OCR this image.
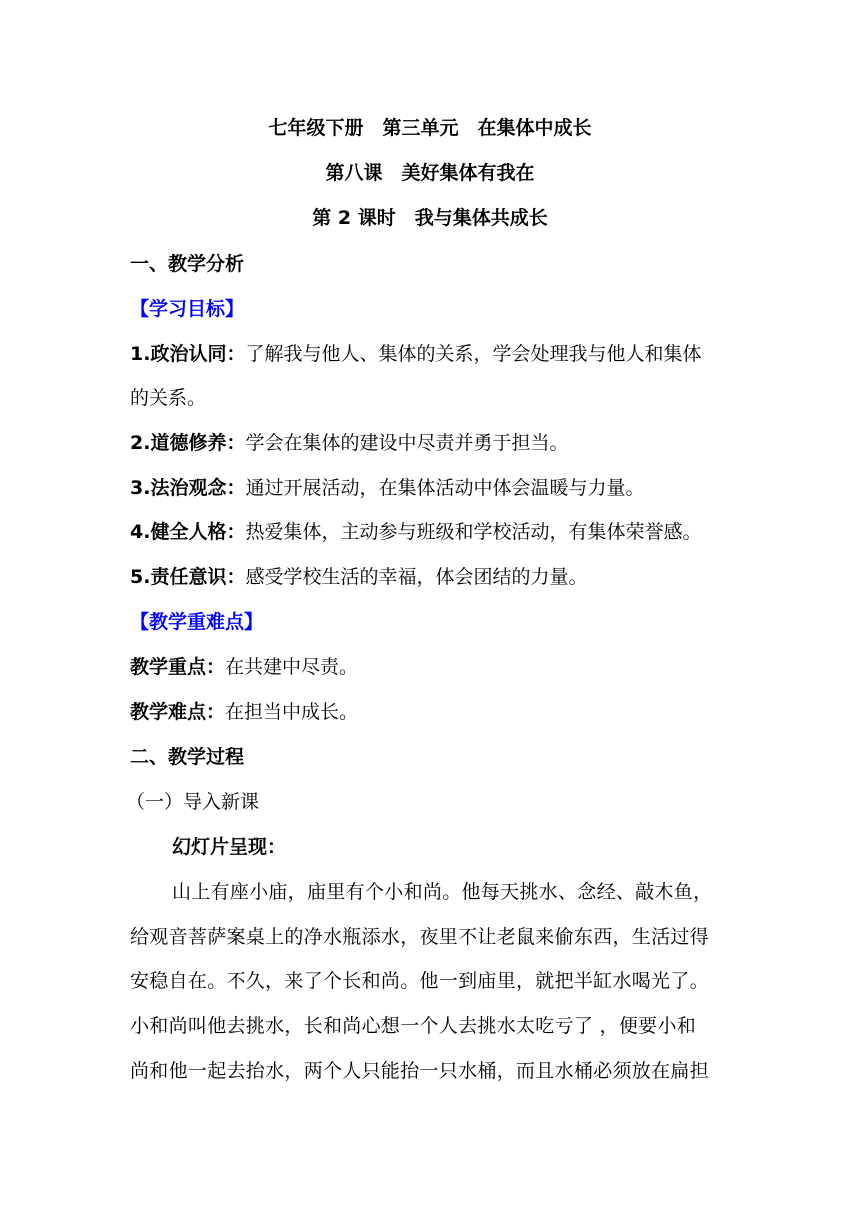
七年级下册　第三单元　在集体中成长
第八课　美好集体有我在
第 2 课时　我与集体共成长
一、教学分析
【学习目标】
1.政治认同：了解我与他人、集体的关系，学会处理我与他人和集体
的关系。
2.道德修养：学会在集体的建设中尽责并勇于担当。
3.法治观念：通过开展活动，在集体活动中体会温暖与力量。
4.健全人格：热爱集体，主动参与班级和学校活动，有集体荣誉感。
5.责任意识：感受学校生活的幸福，体会团结的力量。
【教学重难点】
教学重点：在共建中尽责。
教学难点：在担当中成长。
二、教学过程
（一）导入新课
幻灯片呈现：
山上有座小庙，庙里有个小和尚。他每天挑水、念经、敲木鱼，
给观音菩萨案桌上的净水瓶添水，夜里不让老鼠来偷东西，生活过得
安稳自在。不久，来了个长和尚。他一到庙里，就把半缸水喝光了。
小和尚叫他去挑水，长和尚心想一个人去挑水太吃亏了 ，便要小和
尚和他一起去抬水，两个人只能抬一只水桶，而且水桶必须放在扁担
